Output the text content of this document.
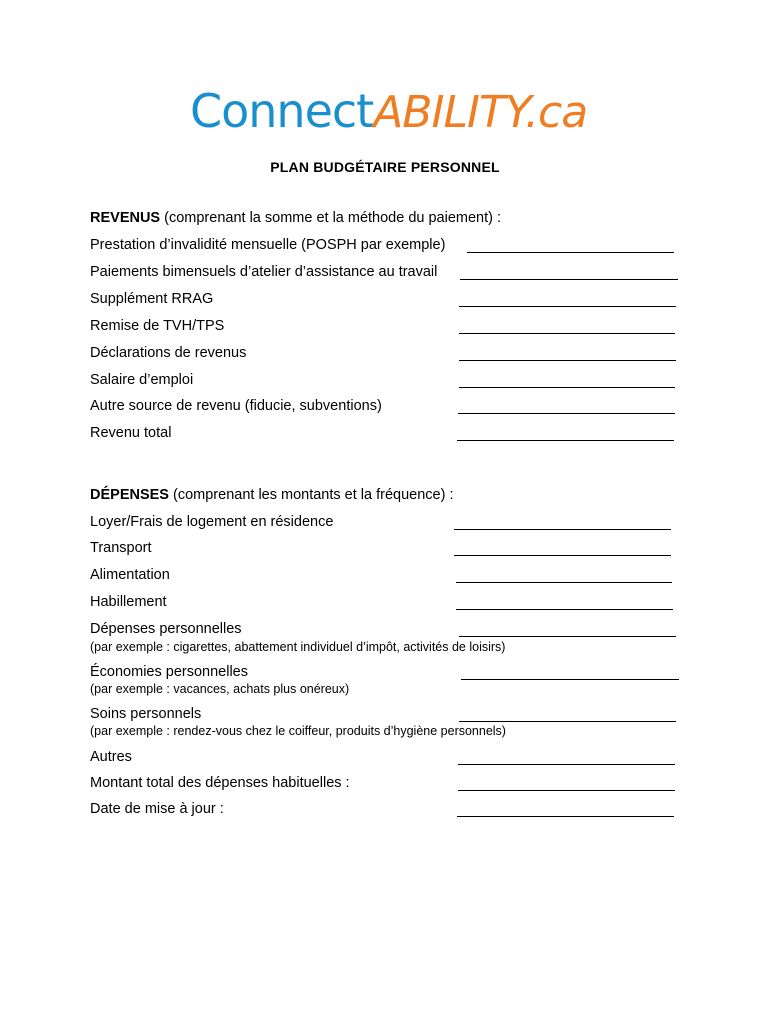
ConnectABILITY.ca
PLAN BUDGÉTAIRE PERSONNEL
REVENUS (comprenant la somme et la méthode du paiement) :
Prestation d’invalidité mensuelle (POSPH par exemple)
Paiements bimensuels d’atelier d’assistance au travail
Supplément RRAG
Remise de TVH/TPS
Déclarations de revenus
Salaire d’emploi
Autre source de revenu (fiducie, subventions)
Revenu total
DÉPENSES (comprenant les montants et la fréquence) :
Loyer/Frais de logement en résidence
Transport
Alimentation
Habillement
Dépenses personnelles
(par exemple : cigarettes, abattement individuel d’impôt, activités de loisirs)
Économies personnelles
(par exemple : vacances, achats plus onéreux)
Soins personnels
(par exemple : rendez-vous chez le coiffeur, produits d’hygiène personnels)
Autres
Montant total des dépenses habituelles :
Date de mise à jour :
